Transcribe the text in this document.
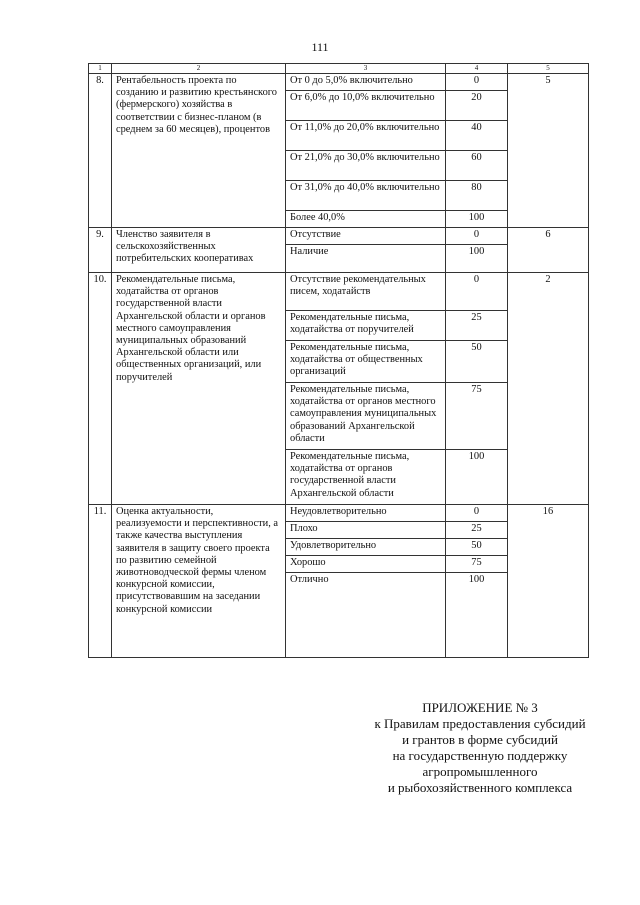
111
1	2	3	4	5
8.	Рентабельность проекта по созданию и развитию крестьянского (фермерского) хозяйства в соответствии с бизнес-планом (в среднем за 60 месяцев), процентов	От 0 до 5,0% включительно	0	5
		От 6,0% до 10,0% включительно	20	
		От 11,0% до 20,0% включительно	40	
		От 21,0% до 30,0% включительно	60	
		От 31,0% до 40,0% включительно	80	
		Более 40,0%	100	
9.	Членство заявителя в сельскохозяйственных потребительских кооперативах	Отсутствие	0	6
		Наличие	100	
10.	Рекомендательные письма, ходатайства от органов государственной власти Архангельской области и органов местного самоуправления муниципальных образований Архангельской области или общественных организаций, или поручителей	Отсутствие рекомендательных писем, ходатайств	0	2
		Рекомендательные письма, ходатайства от поручителей	25	
		Рекомендательные письма, ходатайства от общественных организаций	50	
		Рекомендательные письма, ходатайства от органов местного самоуправления муниципальных образований Архангельской области	75	
		Рекомендательные письма, ходатайства от органов государственной власти Архангельской области	100	
11.	Оценка актуальности, реализуемости и перспективности, а также качества выступления заявителя в защиту своего проекта по развитию семейной животноводческой фермы членом конкурсной комиссии, присутствовавшим на заседании конкурсной комиссии	Неудовлетворительно	0	16
		Плохо	25	
		Удовлетворительно	50	
		Хорошо	75	
		Отлично	100	
ПРИЛОЖЕНИЕ № 3
к Правилам предоставления субсидий
и грантов в форме субсидий
на государственную поддержку
агропромышленного
и рыбохозяйственного комплекса
